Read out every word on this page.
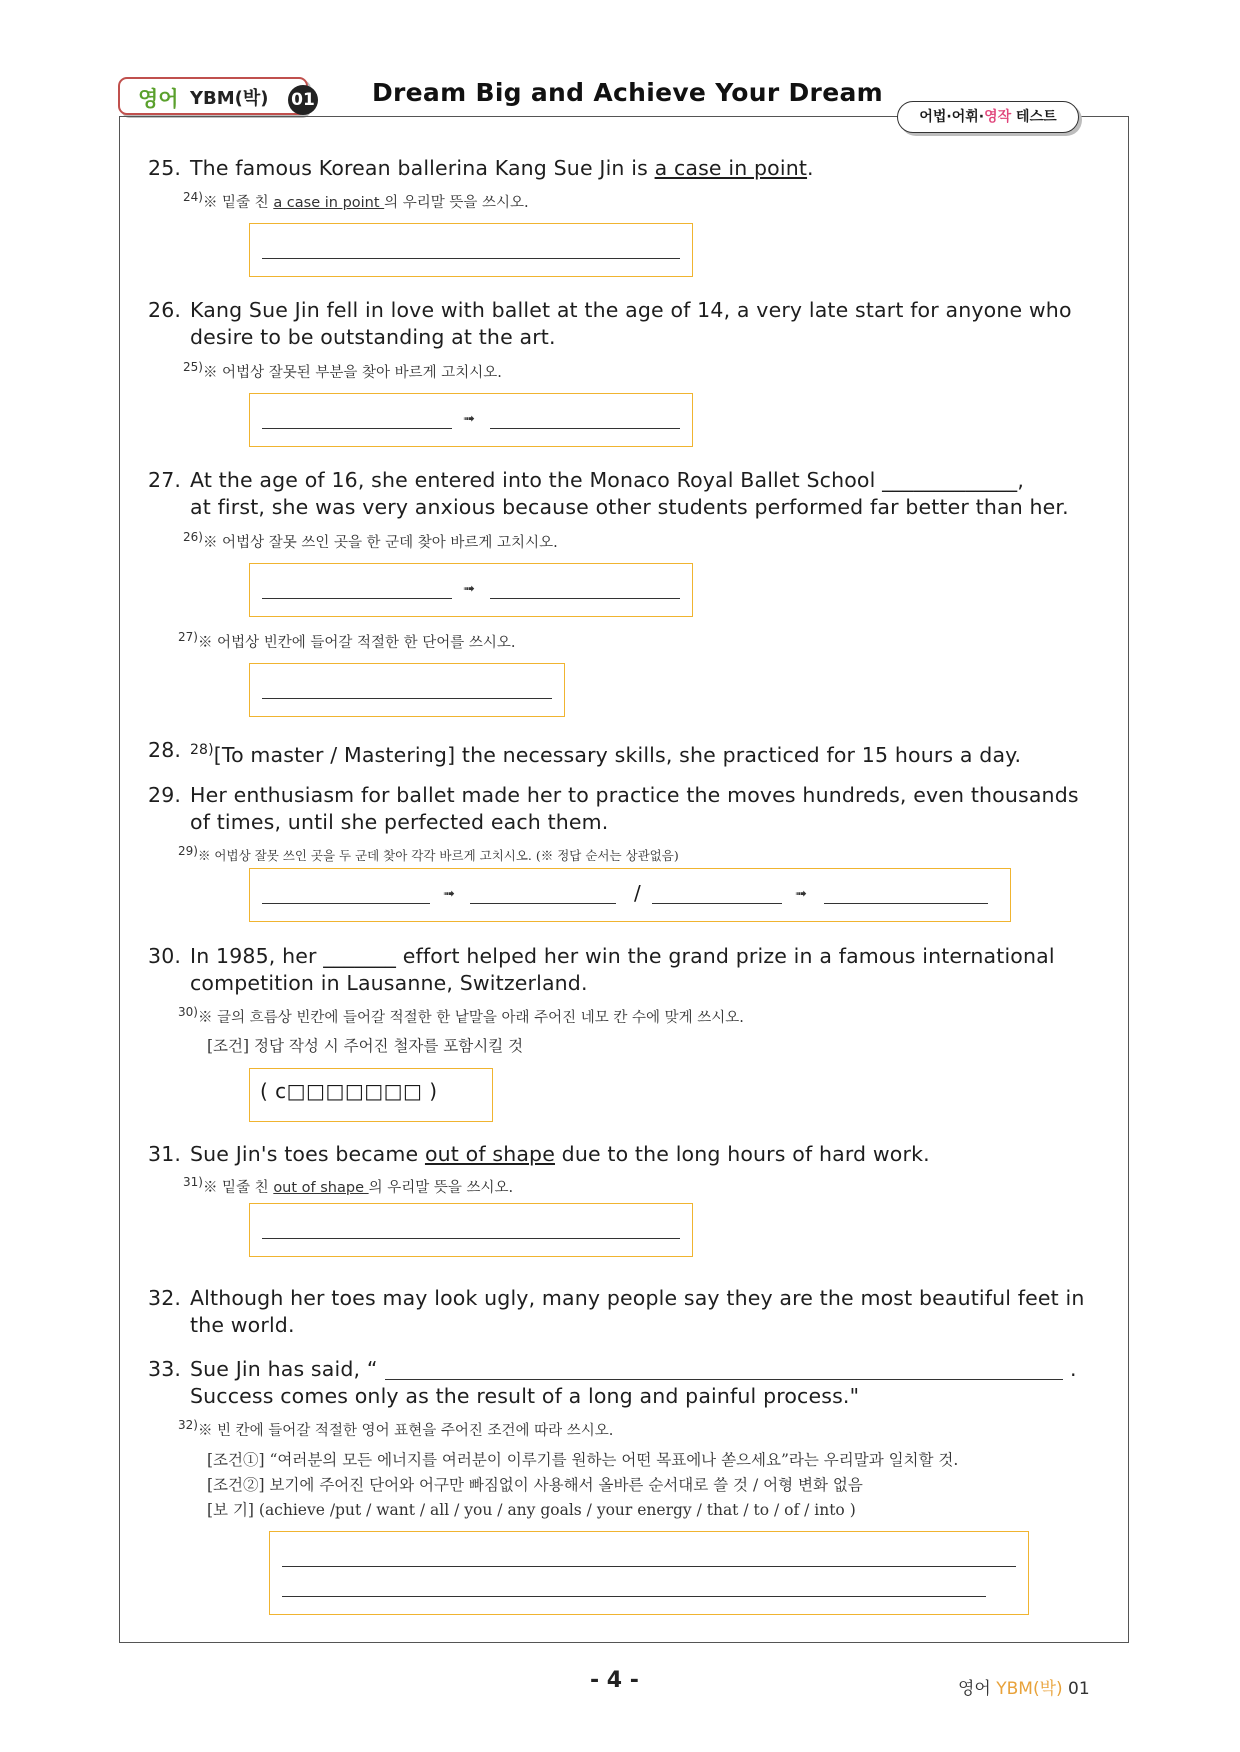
영어 YBM(박) 01 Dream Big and Achieve Your Dream
어법·어휘·영작 테스트
25. The famous Korean ballerina Kang Sue Jin is a case in point.
$^{24)}$※ 밑줄 친 a case in point 의 우리말 뜻을 쓰시오.
26. Kang Sue Jin fell in love with ballet at the age of 14, a very late start for anyone who
desire to be outstanding at the art.
$^{25)}$※ 어법상 잘못된 부분을 찾아 바르게 고치시오.
➟
27. At the age of 16, she entered into the Monaco Royal Ballet School _____________,
at first, she was very anxious because other students performed far better than her.
$^{26)}$※ 어법상 잘못 쓰인 곳을 한 군데 찾아 바르게 고치시오.
➟
$^{27)}$※ 어법상 빈칸에 들어갈 적절한 한 단어를 쓰시오.
28. $^{28)}$[To master / Mastering] the necessary skills, she practiced for 15 hours a day.
29. Her enthusiasm for ballet made her to practice the moves hundreds, even thousands
of times, until she perfected each them.
$^{29)}$※ 어법상 잘못 쓰인 곳을 두 군데 찾아 각각 바르게 고치시오. (※ 정답 순서는 상관없음)
➟	/	➟
30. In 1985, her _______ effort helped her win the grand prize in a famous international
competition in Lausanne, Switzerland.
$^{30)}$※ 글의 흐름상 빈칸에 들어갈 적절한 한 낱말을 아래 주어진 네모 칸 수에 맞게 쓰시오.
[조건] 정답 작성 시 주어진 철자를 포함시킬 것
( c□□□□□□□ )
31. Sue Jin's toes became out of shape due to the long hours of hard work.
$^{31)}$※ 밑줄 친 out of shape 의 우리말 뜻을 쓰시오.
32. Although her toes may look ugly, many people say they are the most beautiful feet in
the world.
33. Sue Jin has said, “	.
Success comes only as the result of a long and painful process."
$^{32)}$※ 빈 칸에 들어갈 적절한 영어 표현을 주어진 조건에 따라 쓰시오.
[조건①] “여러분의 모든 에너지를 여러분이 이루기를 원하는 어떤 목표에나 쏟으세요”라는 우리말과 일치할 것.
[조건②] 보기에 주어진 단어와 어구만 빠짐없이 사용해서 올바른 순서대로 쓸 것 / 어형 변화 없음
[보 기] (achieve /put / want / all / you / any goals / your energy / that / to / of / into )
- 4 -	영어 YBM(박) 01
